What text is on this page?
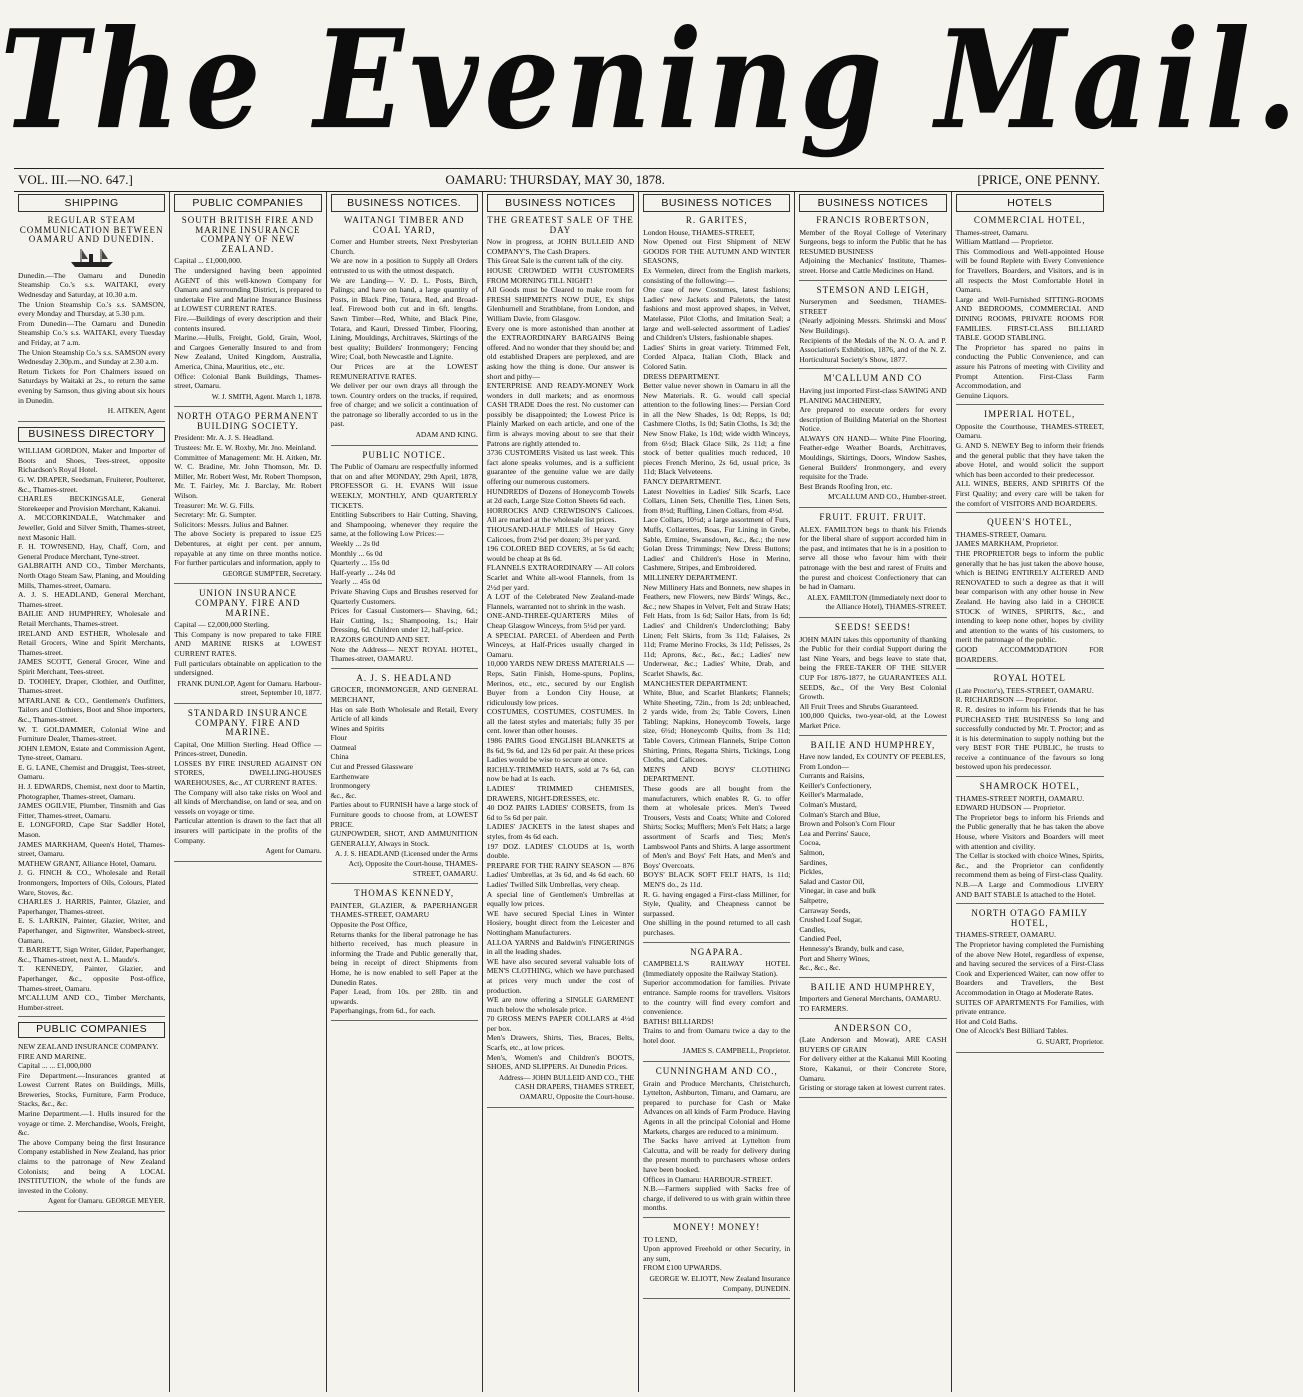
The Evening Mail.
VOL. III.—NO. 647.]	OAMARU: THURSDAY, MAY 30, 1878.	[PRICE, ONE PENNY.
SHIPPING
REGULAR STEAM COMMUNICATION BETWEEN OAMARU AND DUNEDIN.
Dunedin.—The Oamaru and Dunedin Steamship Co.'s s.s. WAITAKI, every Wednesday and Saturday, at 10.30 a.m.
The Union Steamship Co.'s s.s. SAMSON, every Monday and Thursday, at 5.30 p.m.
From Dunedin—The Oamaru and Dunedin Steamship Co.'s s.s. WAITAKI, every Tuesday and Friday, at 7 a.m.
The Union Steamship Co.'s s.s. SAMSON every Wednesday 2.30p.m., and Sunday at 2.30 a.m.
Return Tickets for Port Chalmers issued on Saturdays by Waitaki at 2s., to return the same evening by Samson, thus giving about six hours in Dunedin.
H. AITKEN, Agent
BUSINESS DIRECTORY
WILLIAM GORDON, Maker and Importer of Boots and Shoes, Tees-street, opposite Richardson's Royal Hotel.
G. W. DRAPER, Seedsman, Fruiterer, Poulterer, &c., Thames-street.
CHARLES BECKINGSALE, General Storekeeper and Provision Merchant, Kakanui.
A. MCCORKINDALE, Watchmaker and Jeweller, Gold and Silver Smith, Thames-street, next Masonic Hall.
F. H. TOWNSEND, Hay, Chaff, Corn, and General Produce Merchant, Tyne-street.
GALBRAITH AND CO., Timber Merchants, North Otago Steam Saw, Planing, and Moulding Mills, Thames-street, Oamaru.
A. J. S. HEADLAND, General Merchant, Thames-street.
BAILIE AND HUMPHREY, Wholesale and Retail Merchants, Thames-street.
IRELAND AND ESTHER, Wholesale and Retail Grocers, Wine and Spirit Merchants, Thames-street.
JAMES SCOTT, General Grocer, Wine and Spirit Merchant, Tees-street.
D. TOOHEY, Draper, Clothier, and Outfitter, Thames-street.
M'FARLANE & CO., Gentlemen's Outfitters, Tailors and Clothiers, Boot and Shoe importers, &c., Thames-street.
W. T. GOLDAMMER, Colonial Wine and Furniture Dealer, Thames-street.
JOHN LEMON, Estate and Commission Agent, Tyne-street, Oamaru.
E. G. LANE, Chemist and Druggist, Tees-street, Oamaru.
H. J. EDWARDS, Chemist, next door to Martin, Photographer, Thames-street, Oamaru.
JAMES OGILVIE, Plumber, Tinsmith and Gas Fitter, Thames-street, Oamaru.
E. LONGFORD, Cape Star Saddler Hotel, Mason.
JAMES MARKHAM, Queen's Hotel, Thames-street, Oamaru.
MATHEW GRANT, Alliance Hotel, Oamaru.
J. G. FINCH & CO., Wholesale and Retail Ironmongers, Importers of Oils, Colours, Plated Ware, Stoves, &c.
CHARLES J. HARRIS, Painter, Glazier, and Paperhanger, Thames-street.
E. S. LARKIN, Painter, Glazier, Writer, and Paperhanger, and Signwriter, Wansbeck-street, Oamaru.
T. BARRETT, Sign Writer, Gilder, Paperhanger, &c., Thames-street, next A. L. Maude's.
T. KENNEDY, Painter, Glazier, and Paperhanger, &c., opposite Post-office, Thames-street, Oamaru.
M'CALLUM AND CO., Timber Merchants, Humber-street.
PUBLIC COMPANIES
NEW ZEALAND INSURANCE COMPANY.
FIRE AND MARINE.
Capital ... ... £1,000,000
Fire Department.—Insurances granted at Lowest Current Rates on Buildings, Mills, Breweries, Stocks, Furniture, Farm Produce, Stacks, &c., &c.
Marine Department.—1. Hulls insured for the voyage or time. 2. Merchandise, Wools, Freight, &c.
The above Company being the first Insurance Company established in New Zealand, has prior claims to the patronage of New Zealand Colonists; and being A LOCAL INSTITUTION, the whole of the funds are invested in the Colony.
Agent for Oamaru. GEORGE MEYER.
PUBLIC COMPANIES
SOUTH BRITISH FIRE AND MARINE INSURANCE COMPANY OF NEW ZEALAND.
Capital ... £1,000,000.
The undersigned having been appointed AGENT of this well-known Company for Oamaru and surrounding District, is prepared to undertake Fire and Marine Insurance Business at LOWEST CURRENT RATES.
Fire.—Buildings of every description and their contents insured.
Marine.—Hulls, Freight, Gold, Grain, Wool, and Cargoes Generally Insured to and from New Zealand, United Kingdom, Australia, America, China, Mauritius, etc., etc.
Office: Colonial Bank Buildings, Thames-street, Oamaru.
W. J. SMITH, Agent. March 1, 1878.
NORTH OTAGO PERMANENT BUILDING SOCIETY.
President: Mr. A. J. S. Headland.
Trustees: Mr. E. W. Roxby, Mr. Jno. Meinland.
Committee of Management: Mr. H. Aitken, Mr. W. C. Bradine, Mr. John Thomson, Mr. D. Miller, Mr. Robert West, Mr. Robert Thompson, Mr. T. Fairley, Mr. J. Barclay, Mr. Robert Wilson.
Treasurer: Mr. W. G. Fills.
Secretary: Mr. G. Sumpter.
Solicitors: Messrs. Julius and Bahner.
The above Society is prepared to issue £25 Debentures, at eight per cent. per annum, repayable at any time on three months notice. For further particulars and information, apply to
GEORGE SUMPTER, Secretary.
UNION INSURANCE COMPANY. FIRE AND MARINE.
Capital — £2,000,000 Sterling.
This Company is now prepared to take FIRE AND MARINE RISKS at LOWEST CURRENT RATES.
Full particulars obtainable on application to the undersigned.
FRANK DUNLOP, Agent for Oamaru. Harbour-street, September 10, 1877.
STANDARD INSURANCE COMPANY. FIRE AND MARINE.
Capital, One Million Sterling. Head Office — Princes-street, Dunedin.
LOSSES BY FIRE INSURED AGAINST ON STORES, DWELLING-HOUSES WAREHOUSES, &c., AT CURRENT RATES.
The Company will also take risks on Wool and all kinds of Merchandise, on land or sea, and on vessels on voyage or time.
Particular attention is drawn to the fact that all insurers will participate in the profits of the Company.
Agent for Oamaru.
BUSINESS NOTICES.
WAITANGI TIMBER AND COAL YARD,
Corner and Humber streets, Next Presbyterian Church.
We are now in a position to Supply all Orders entrusted to us with the utmost despatch.
We are Landing— V. D. L. Posts, Birch, Palings; and have on hand, a large quantity of Posts, in Black Pine, Totara, Red, and Broad-leaf. Firewood both cut and in 6ft. lengths. Sawn Timber—Red, White, and Black Pine, Totara, and Kauri, Dressed Timber, Flooring, Lining, Mouldings, Architraves, Skirtings of the best quality; Builders' Ironmongery; Fencing Wire; Coal, both Newcastle and Lignite.
Our Prices are at the LOWEST REMUNERATIVE RATES.
We deliver per our own drays all through the town. Country orders on the trucks, if required, free of charge; and we solicit a continuation of the patronage so liberally accorded to us in the past.
ADAM AND KING.
PUBLIC NOTICE.
The Public of Oamaru are respectfully informed that on and after MONDAY, 29th April, 1878, PROFESSOR G. H. EVANS Will issue WEEKLY, MONTHLY, AND QUARTERLY TICKETS.
Entitling Subscribers to Hair Cutting, Shaving, and Shampooing, whenever they require the same, at the following Low Prices:—
Weekly ... 2s 0d
Monthly ... 6s 0d
Quarterly ... 15s 0d
Half-yearly ... 24s 0d
Yearly ... 45s 0d
Private Shaving Cups and Brushes reserved for Quarterly Customers.
Prices for Casual Customers— Shaving, 6d.; Hair Cutting, 1s.; Shampooing, 1s.; Hair Dressing, 6d. Children under 12, half-price.
RAZORS GROUND AND SET.
Note the Address— NEXT ROYAL HOTEL, Thames-street, OAMARU.
A. J. S. HEADLAND
GROCER, IRONMONGER, AND GENERAL MERCHANT,
Has on sale Both Wholesale and Retail, Every Article of all kinds
Wines and Spirits
Flour
Oatmeal
China
Cut and Pressed Glassware
Earthenware
Ironmongery
&c., &c.
Parties about to FURNISH have a large stock of Furniture goods to choose from, at LOWEST PRICE.
GUNPOWDER, SHOT, AND AMMUNITION GENERALLY, Always in Stock.
A. J. S. HEADLAND (Licensed under the Arms Act), Opposite the Court-house, THAMES-STREET, OAMARU.
THOMAS KENNEDY,
PAINTER, GLAZIER, & PAPERHANGER THAMES-STREET, OAMARU
Opposite the Post Office,
Returns thanks for the liberal patronage he has hitherto received, has much pleasure in informing the Trade and Public generally that, being in receipt of direct Shipments from Home, he is now enabled to sell Paper at the Dunedin Rates.
Paper Lead, from 10s. per 28lb. tin and upwards.
Paperhangings, from 6d., for each.
BUSINESS NOTICES
THE GREATEST SALE OF THE DAY
Now in progress, at JOHN BULLEID AND COMPANY'S, The Cash Drapers.
This Great Sale is the current talk of the city.
HOUSE CROWDED WITH CUSTOMERS FROM MORNING TILL NIGHT!
All Goods must be Cleared to make room for FRESH SHIPMENTS NOW DUE, Ex ships Glenhurnell and Strathblane, from London, and William Davie, from Glasgow.
Every one is more astonished than another at the EXTRAORDINARY BARGAINS Being offered. And no wonder that they should be; and old established Drapers are perplexed, and are asking how the thing is done. Our answer is short and pithy—
ENTERPRISE AND READY-MONEY Work wonders in dull markets; and as enormous CASH TRADE Does the rest. No customer can possibly be disappointed; the Lowest Price is Plainly Marked on each article, and one of the firm is always moving about to see that their Patrons are rightly attended to.
3736 CUSTOMERS Visited us last week. This fact alone speaks volumes, and is a sufficient guarantee of the genuine value we are daily offering our numerous customers.
HUNDREDS of Dozens of Honeycomb Towels at 2d each, Large Size Cotton Sheets 6d each.
HORROCKS AND CREWDSON'S Calicoes. All are marked at the wholesale list prices.
THOUSAND-HALF MILES of Heavy Grey Calicoes, from 2½d per dozen; 3½ per yard.
196 COLORED BED COVERS, at 5s 6d each; would be cheap at 8s 6d.
FLANNELS EXTRAORDINARY — All colors Scarlet and White all-wool Flannels, from 1s 2½d per yard.
A LOT of the Celebrated New Zealand-made Flannels, warranted not to shrink in the wash.
ONE-AND-THREE-QUARTERS Miles of Cheap Glasgow Winceys, from 5½d per yard.
A SPECIAL PARCEL of Aberdeen and Perth Winceys, at Half-Prices usually charged in Oamaru.
10,000 YARDS NEW DRESS MATERIALS — Reps, Satin Finish, Home-spuns, Poplins, Merinos, etc., etc., secured by our English Buyer from a London City House, at ridiculously low prices.
COSTUMES, COSTUMES, COSTUMES. In all the latest styles and materials; fully 35 per cent. lower than other houses.
1986 PAIRS Good ENGLISH BLANKETS at 8s 6d, 9s 6d, and 12s 6d per pair. At these prices Ladies would be wise to secure at once.
RICHLY-TRIMMED HATS, sold at 7s 6d, can now be had at 1s each.
LADIES' TRIMMED CHEMISES, DRAWERS, NIGHT-DRESSES, etc.
40 DOZ PAIRS LADIES' CORSETS, from 1s 6d to 5s 6d per pair.
LADIES' JACKETS in the latest shapes and styles, from 4s 6d each.
197 DOZ. LADIES' CLOUDS at 1s, worth double.
PREPARE FOR THE RAINY SEASON — 876 Ladies' Umbrellas, at 3s 6d, and 4s 6d each. 60 Ladies' Twilled Silk Umbrellas, very cheap.
A special line of Gentlemen's Umbrellas at equally low prices.
WE have secured Special Lines in Winter Hosiery, bought direct from the Leicester and Nottingham Manufacturers.
ALLOA YARNS and Baldwin's FINGERINGS in all the leading shades.
WE have also secured several valuable lots of MEN'S CLOTHING, which we have purchased at prices very much under the cost of production.
WE are now offering a SINGLE GARMENT much below the wholesale price.
70 GROSS MEN'S PAPER COLLARS at 4½d per box.
Men's Drawers, Shirts, Ties, Braces, Belts, Scarfs, etc., at low prices.
Men's, Women's and Children's BOOTS, SHOES, AND SLIPPERS. At Dunedin Prices.
Address— JOHN BULLEID AND CO., THE CASH DRAPERS, THAMES STREET, OAMARU, Opposite the Court-house.
BUSINESS NOTICES
R. GARITES,
London House, THAMES-STREET,
Now Opened out First Shipment of NEW GOODS FOR THE AUTUMN AND WINTER SEASONS,
Ex Vermelen, direct from the English markets, consisting of the following:—
One case of new Costumes, latest fashions; Ladies' new Jackets and Paletots, the latest fashions and most approved shapes, in Velvet, Matelasse, Pilot Cloths, and Imitation Seal; a large and well-selected assortment of Ladies' and Children's Ulsters, fashionable shapes.
Ladies' Shirts in great variety. Trimmed Felt, Corded Alpaca, Italian Cloth, Black and Colored Satin.
DRESS DEPARTMENT.
Better value never shown in Oamaru in all the New Materials. R. G. would call special attention to the following lines:— Persian Cord in all the New Shades, 1s 0d; Repps, 1s 0d; Cashmere Cloths, 1s 0d; Satin Cloths, 1s 3d; the New Snow Flake, 1s 10d; wide width Winceys, from 6½d; Black Glace Silk, 2s 11d; a fine stock of better qualities much reduced, 10 pieces French Merino, 2s 6d, usual price, 3s 11d; Black Velveteens.
FANCY DEPARTMENT.
Latest Novelties in Ladies' Silk Scarfs, Lace Collars, Linen Sets, Chenille Ties, Linen Sets, from 8½d; Ruffling, Linen Collars, from 4½d.
Lace Collars, 10½d; a large assortment of Furs, Muffs, Collarettes, Boas, Fur Lining in Grebe, Sable, Ermine, Swansdown, &c., &c.; the new Golan Dress Trimmings; New Dress Buttons; Ladies' and Children's Hose in Merino, Cashmere, Stripes, and Embroidered.
MILLINERY DEPARTMENT.
New Millinery Hats and Bonnets, new shapes in Feathers, new Flowers, new Birds' Wings, &c., &c.; new Shapes in Velvet, Felt and Straw Hats; Felt Hats, from 1s 6d; Sailor Hats, from 1s 6d; Ladies' and Children's Underclothing; Baby Linen; Felt Skirts, from 3s 11d; Falaises, 2s 11d; Frame Merino Frocks, 3s 11d; Pelisses, 2s 11d; Aprons, &c., &c., &c.; Ladies' new Underwear, &c.; Ladies' White, Drab, and Scarlet Shawls, &c.
MANCHESTER DEPARTMENT.
White, Blue, and Scarlet Blankets; Flannels; White Sheeting, 72in., from 1s 2d; unbleached, 2 yards wide, from 2s; Table Covers, Linen Tabling; Napkins, Honeycomb Towels, large size, 6½d; Honeycomb Quilts, from 3s 11d; Table Covers, Crimean Flannels, Stripe Cotton Shirting, Prints, Regatta Shirts, Tickings, Long Cloths, and Calicoes.
MEN'S AND BOYS' CLOTHING DEPARTMENT.
These goods are all bought from the manufacturers, which enables R. G. to offer them at wholesale prices. Men's Tweed Trousers, Vests and Coats; White and Colored Shirts; Socks; Mufflers; Men's Felt Hats; a large assortment of Scarfs and Ties; Men's Lambswool Pants and Shirts. A large assortment of Men's and Boys' Felt Hats, and Men's and Boys' Overcoats.
BOYS' BLACK SOFT FELT HATS, 1s 11d; MEN'S do., 2s 11d.
R. G. having engaged a First-class Milliner, for Style, Quality, and Cheapness cannot be surpassed.
One shilling in the pound returned to all cash purchases.
NGAPARA.
CAMPBELL'S RAILWAY HOTEL (Immediately opposite the Railway Station).
Superior accommodation for families. Private entrance. Sample rooms for travellers. Visitors to the country will find every comfort and convenience.
BATHS! BILLIARDS!
Trains to and from Oamaru twice a day to the hotel door.
JAMES S. CAMPBELL, Proprietor.
CUNNINGHAM AND CO.,
Grain and Produce Merchants, Christchurch, Lyttelton, Ashburton, Timaru, and Oamaru, are prepared to purchase for Cash or Make Advances on all kinds of Farm Produce. Having Agents in all the principal Colonial and Home Markets, charges are reduced to a minimum.
The Sacks have arrived at Lyttelton from Calcutta, and will be ready for delivery during the present month to purchasers whose orders have been booked.
Offices in Oamaru: HARBOUR-STREET.
N.B.—Farmers supplied with Sacks free of charge, if delivered to us with grain within three months.
MONEY! MONEY!
TO LEND,
Upon approved Freehold or other Security, in any sum,
FROM £100 UPWARDS.
GEORGE W. ELIOTT, New Zealand Insurance Company, DUNEDIN.
BUSINESS NOTICES
FRANCIS ROBERTSON,
Member of the Royal College of Veterinary Surgeons, begs to inform the Public that he has RESUMED BUSINESS
Adjoining the Mechanics' Institute, Thames-street. Horse and Cattle Medicines on Hand.
STEMSON AND LEIGH,
Nurserymen and Seedsmen, THAMES-STREET
(Nearly adjoining Messrs. Shrimski and Moss' New Buildings).
Recipients of the Medals of the N. O. A. and P. Association's Exhibition, 1876, and of the N. Z. Horticultural Society's Show, 1877.
M'CALLUM AND CO
Having just imported First-class SAWING AND PLANING MACHINERY,
Are prepared to execute orders for every description of Building Material on the Shortest Notice.
ALWAYS ON HAND— White Pine Flooring, Feather-edge Weather Boards, Architraves, Mouldings, Skirtings, Doors, Window Sashes, General Builders' Ironmongery, and every requisite for the Trade.
Best Brands Roofing Iron, etc.
M'CALLUM AND CO., Humber-street.
FRUIT. FRUIT. FRUIT.
ALEX. FAMILTON begs to thank his Friends for the liberal share of support accorded him in the past, and intimates that he is in a position to serve all those who favour him with their patronage with the best and rarest of Fruits and the purest and choicest Confectionery that can be had in Oamaru.
ALEX. FAMILTON (Immediately next door to the Alliance Hotel), THAMES-STREET.
SEEDS! SEEDS!
JOHN MAIN takes this opportunity of thanking the Public for their cordial Support during the last Nine Years, and begs leave to state that, being the FREE-TAKER OF THE SILVER CUP For 1876-1877, he GUARANTEES ALL SEEDS, &c., Of the Very Best Colonial Growth.
All Fruit Trees and Shrubs Guaranteed.
100,000 Quicks, two-year-old, at the Lowest Market Price.
BAILIE AND HUMPHREY,
Have now landed, Ex COUNTY OF PEEBLES,
From London—
Currants and Raisins,
Keiller's Confectionery,
Keiller's Marmalade,
Colman's Mustard,
Colman's Starch and Blue,
Brown and Polson's Corn Flour
Lea and Perrins' Sauce,
Cocoa,
Salmon,
Sardines,
Pickles,
Salad and Castor Oil,
Vinegar, in case and bulk
Saltpetre,
Carraway Seeds,
Crushed Loaf Sugar,
Candles,
Candied Peel,
Hennessy's Brandy, bulk and case,
Port and Sherry Wines,
&c., &c., &c.
BAILIE AND HUMPHREY,
Importers and General Merchants, OAMARU.
TO FARMERS.
ANDERSON CO,
(Late Anderson and Mowat), ARE CASH BUYERS OF GRAIN
For delivery either at the Kakanui Mill Kooting Store, Kakanui, or their Concrete Store, Oamaru.
Gristing or storage taken at lowest current rates.
HOTELS
COMMERCIAL HOTEL,
Thames-street, Oamaru.
William Mattland — Proprietor.
This Commodious and Well-appointed House will be found Replete with Every Convenience for Travellers, Boarders, and Visitors, and is in all respects the Most Comfortable Hotel in Oamaru.
Large and Well-Furnished SITTING-ROOMS AND BEDROOMS, COMMERCIAL AND DINING ROOMS, PRIVATE ROOMS FOR FAMILIES. FIRST-CLASS BILLIARD TABLE. GOOD STABLING.
The Proprietor has spared no pains in conducting the Public Convenience, and can assure his Patrons of meeting with Civility and Prompt Attention. First-Class Farm Accommodation, and
Genuine Liquors.
IMPERIAL HOTEL,
Opposite the Courthouse, THAMES-STREET, Oamaru.
G. AND S. NEWEY Beg to inform their friends and the general public that they have taken the above Hotel, and would solicit the support which has been accorded to their predecessor.
ALL WINES, BEERS, AND SPIRITS Of the First Quality; and every care will be taken for the comfort of VISITORS AND BOARDERS.
QUEEN'S HOTEL,
THAMES-STREET, Oamaru.
JAMES MARKHAM, Proprietor.
THE PROPRIETOR begs to inform the public generally that he has just taken the above house, which is BEING ENTIRELY ALTERED AND RENOVATED to such a degree as that it will bear comparison with any other house in New Zealand. He having also laid in a CHOICE STOCK of WINES, SPIRITS, &c., and intending to keep none other, hopes by civility and attention to the wants of his customers, to merit the patronage of the public.
GOOD ACCOMMODATION FOR BOARDERS.
ROYAL HOTEL
(Late Proctor's), TEES-STREET, OAMARU.
R. RICHARDSON — Proprietor.
R. R. desires to inform his Friends that he has PURCHASED THE BUSINESS So long and successfully conducted by Mr. T. Proctor; and as it is his determination to supply nothing but the very BEST FOR THE PUBLIC, he trusts to receive a continuance of the favours so long bestowed upon his predecessor.
SHAMROCK HOTEL,
THAMES-STREET NORTH, OAMARU.
EDWARD HUDSON — Proprietor.
The Proprietor begs to inform his Friends and the Public generally that he has taken the above House, where Visitors and Boarders will meet with attention and civility.
The Cellar is stocked with choice Wines, Spirits, &c., and the Proprietor can confidently recommend them as being of First-class Quality.
N.B.—A Large and Commodious LIVERY AND BAIT STABLE Is attached to the Hotel.
NORTH OTAGO FAMILY HOTEL,
THAMES-STREET, OAMARU.
The Proprietor having completed the Furnishing of the above New Hotel, regardless of expense, and having secured the services of a First-Class Cook and Experienced Waiter, can now offer to Boarders and Travellers, the Best Accommodation in Otago at Moderate Rates.
SUITES OF APARTMENTS For Families, with private entrance.
Hot and Cold Baths.
One of Alcock's Best Billiard Tables.
G. SUART, Proprietor.
